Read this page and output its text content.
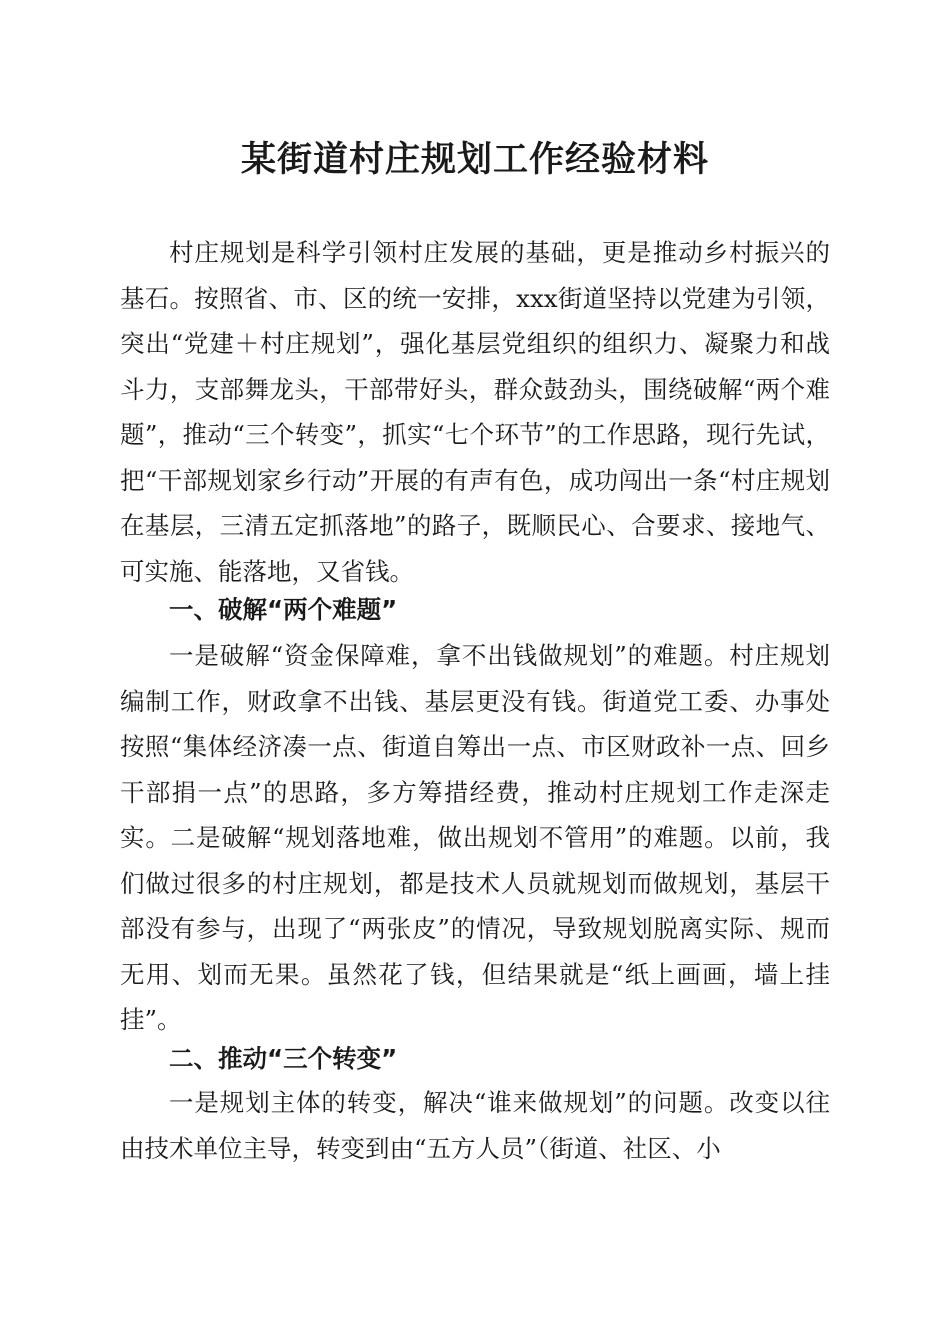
某街道村庄规划工作经验材料

村庄规划是科学引领村庄发展的基础，更是推动乡村振兴的基石。按照省、市、区的统一安排，xxx街道坚持以党建为引领，突出“党建＋村庄规划”，强化基层党组织的组织力、凝聚力和战斗力，支部舞龙头，干部带好头，群众鼓劲头，围绕破解“两个难题”，推动“三个转变”，抓实“七个环节”的工作思路，现行先试，把“干部规划家乡行动”开展的有声有色，成功闯出一条“村庄规划在基层，三清五定抓落地”的路子，既顺民心、合要求、接地气、可实施、能落地，又省钱。

一、破解“两个难题”

一是破解“资金保障难，拿不出钱做规划”的难题。村庄规划编制工作，财政拿不出钱、基层更没有钱。街道党工委、办事处按照“集体经济凑一点、街道自筹出一点、市区财政补一点、回乡干部捐一点”的思路，多方筹措经费，推动村庄规划工作走深走实。二是破解“规划落地难，做出规划不管用”的难题。以前，我们做过很多的村庄规划，都是技术人员就规划而做规划，基层干部没有参与，出现了“两张皮”的情况，导致规划脱离实际、规而无用、划而无果。虽然花了钱，但结果就是“纸上画画，墙上挂挂”。

二、推动“三个转变”

一是规划主体的转变，解决“谁来做规划”的问题。改变以往由技术单位主导，转变到由“五方人员”（街道、社区、小
